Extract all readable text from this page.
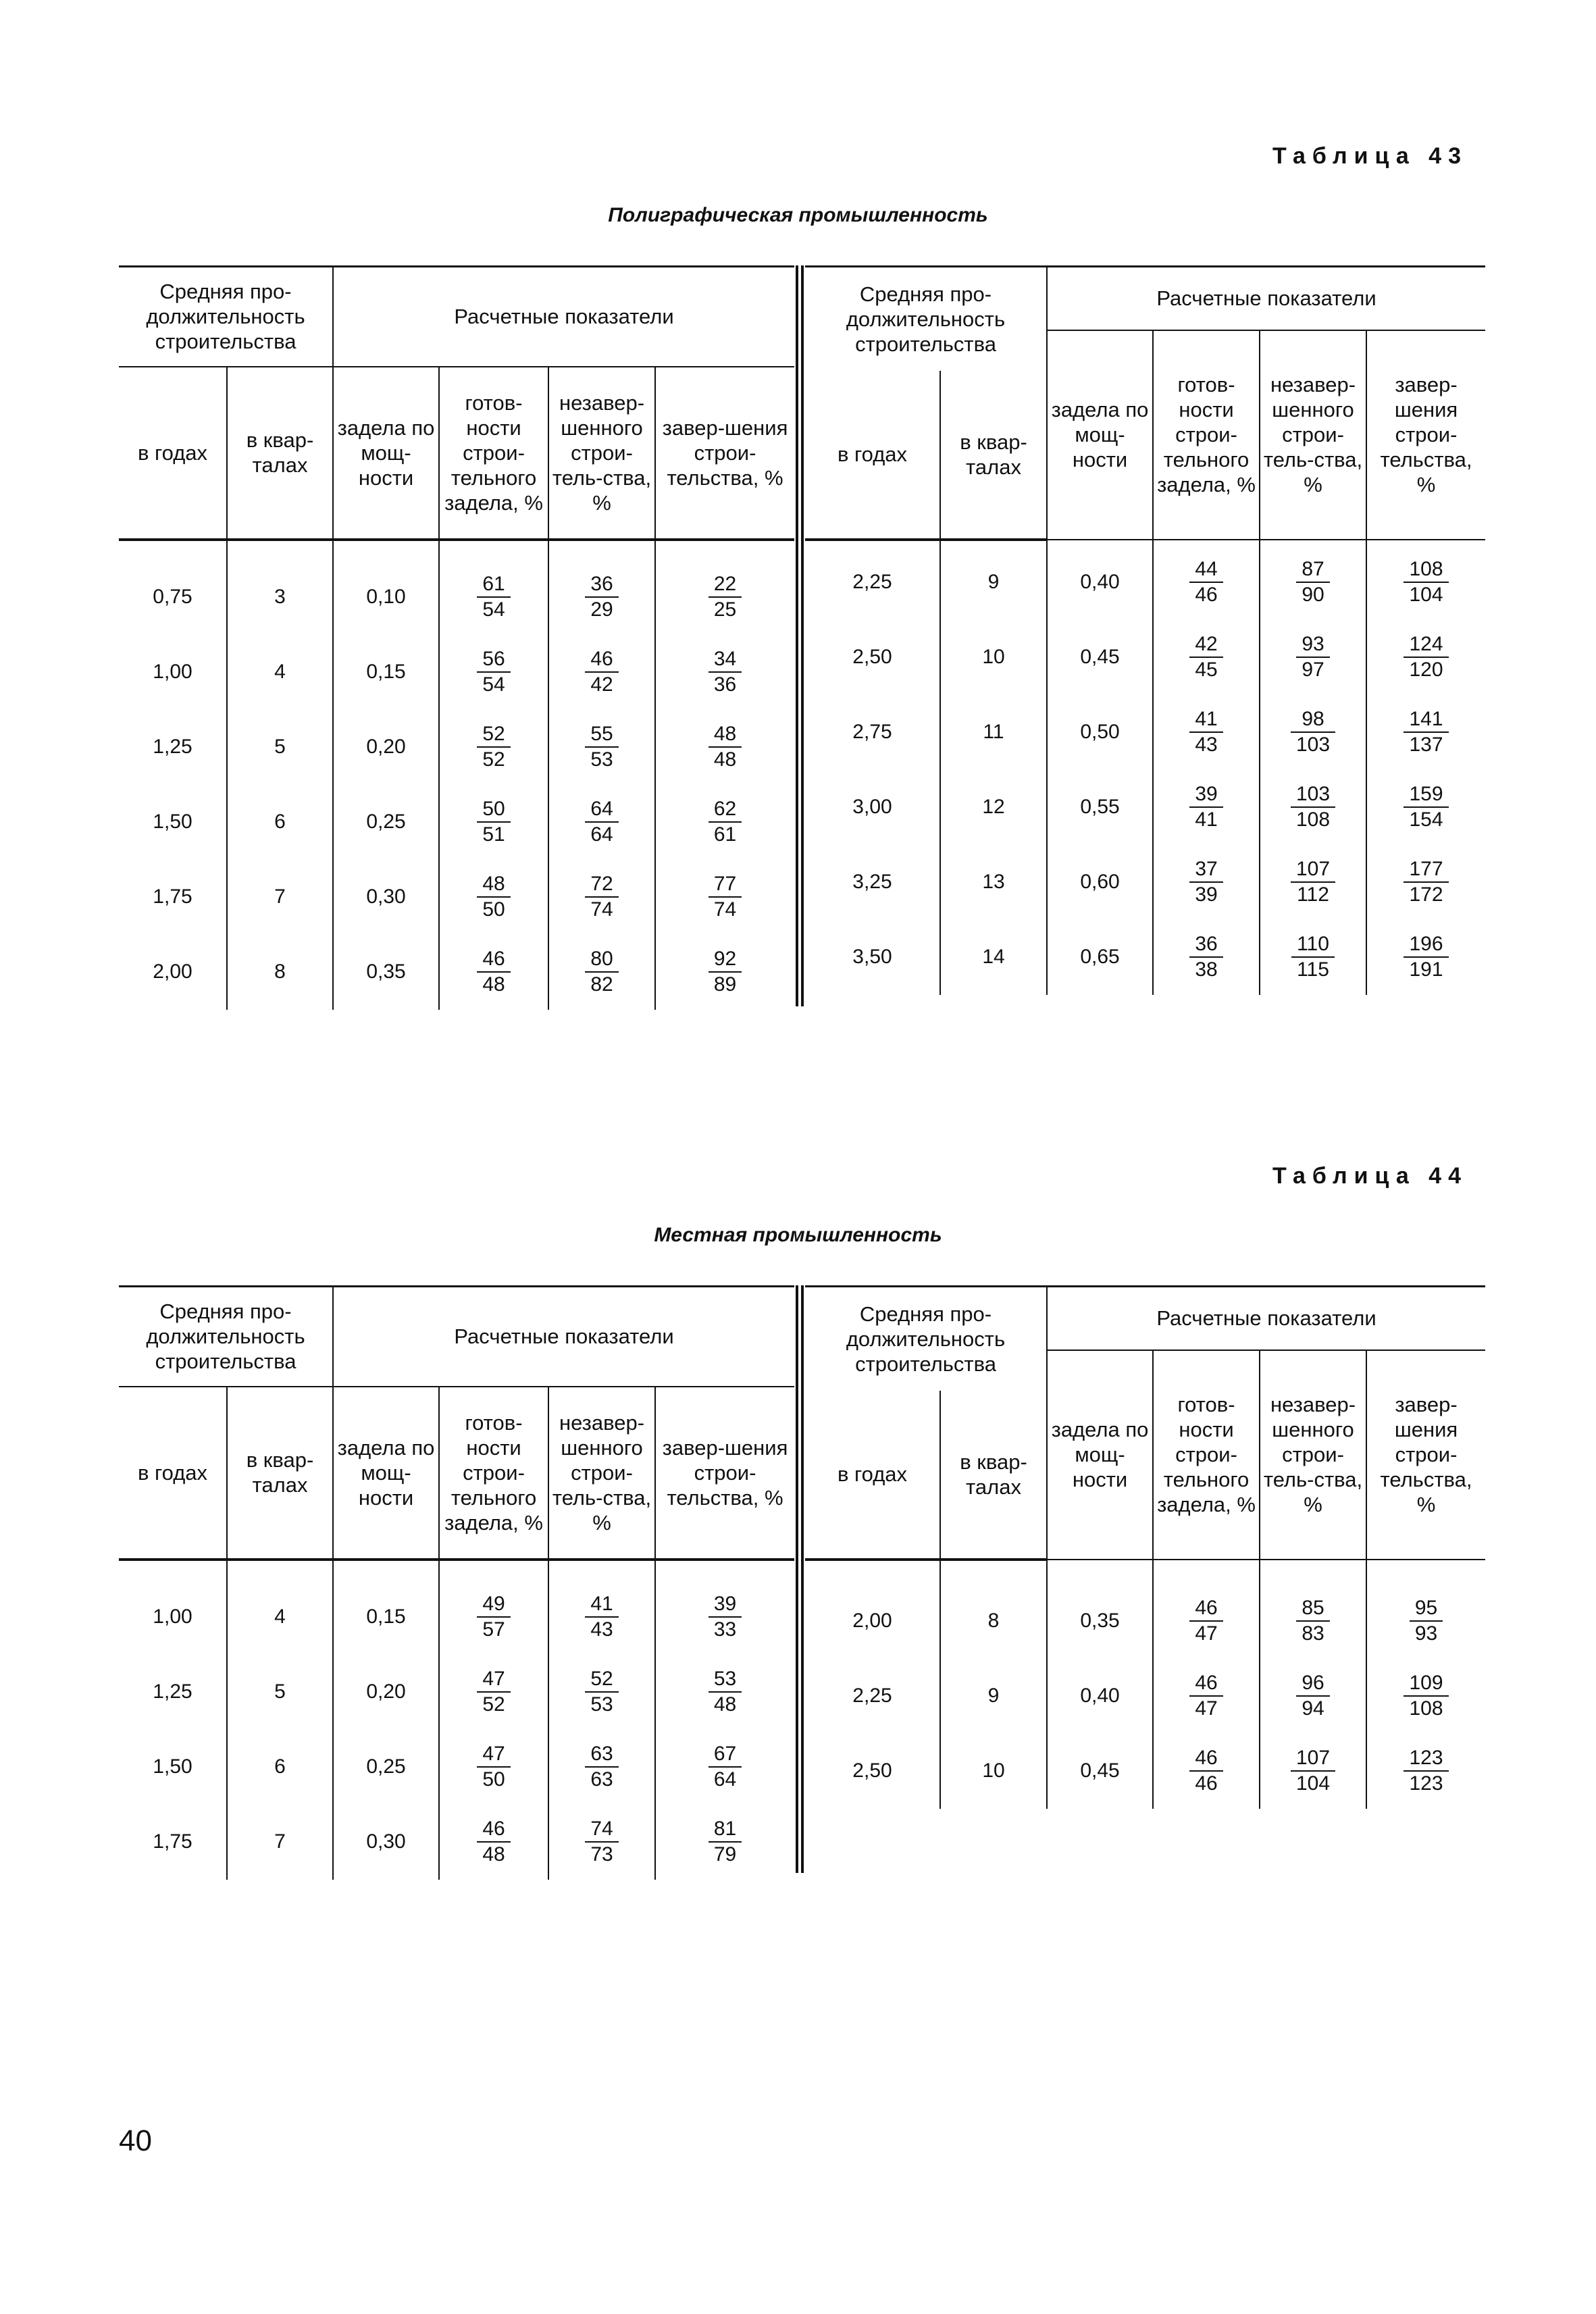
Таблица 43
Полиграфическая промышленность
Средняя про-должительность строительства		Расчетные показатели			
в годах	в квар-талах	задела по мощ-ности	готов-ности строи-тельного задела, %	незавер-шенного строи-тель-ства, %	завер-шения строи-тельства, %

0,75	3	0,10	$\frac{61}{54}$	$\frac{36}{29}$	$\frac{22}{25}$

1,00	4	0,15	$\frac{56}{54}$	$\frac{46}{42}$	$\frac{34}{36}$

1,25	5	0,20	$\frac{52}{52}$	$\frac{55}{53}$	$\frac{48}{48}$

1,50	6	0,25	$\frac{50}{51}$	$\frac{64}{64}$	$\frac{62}{61}$

1,75	7	0,30	$\frac{48}{50}$	$\frac{72}{74}$	$\frac{77}{74}$

2,00	8	0,35	$\frac{46}{48}$	$\frac{80}{82}$	$\frac{92}{89}$
Средняя про-должительность строительства		Расчетные показатели			
		задела по мощ-ности	готов-ности строи-тельного задела, %	незавер-шенного строи-тель-ства, %	завер-шения строи-тельства, %
в годах	в квар-талах				

2,25	9	0,40	$\frac{44}{46}$	$\frac{87}{90}$	$\frac{108}{104}$

2,50	10	0,45	$\frac{42}{45}$	$\frac{93}{97}$	$\frac{124}{120}$

2,75	11	0,50	$\frac{41}{43}$	$\frac{98}{103}$	$\frac{141}{137}$

3,00	12	0,55	$\frac{39}{41}$	$\frac{103}{108}$	$\frac{159}{154}$

3,25	13	0,60	$\frac{37}{39}$	$\frac{107}{112}$	$\frac{177}{172}$

3,50	14	0,65	$\frac{36}{38}$	$\frac{110}{115}$	$\frac{196}{191}$
Таблица 44
Местная промышленность
Средняя про-должительность строительства		Расчетные показатели			
в годах	в квар-талах	задела по мощ-ности	готов-ности строи-тельного задела, %	незавер-шенного строи-тель-ства, %	завер-шения строи-тельства, %

1,00	4	0,15	$\frac{49}{57}$	$\frac{41}{43}$	$\frac{39}{33}$

1,25	5	0,20	$\frac{47}{52}$	$\frac{52}{53}$	$\frac{53}{48}$

1,50	6	0,25	$\frac{47}{50}$	$\frac{63}{63}$	$\frac{67}{64}$

1,75	7	0,30	$\frac{46}{48}$	$\frac{74}{73}$	$\frac{81}{79}$
Средняя про-должительность строительства		Расчетные показатели			
		задела по мощ-ности	готов-ности строи-тельного задела, %	незавер-шенного строи-тель-ства, %	завер-шения строи-тельства, %
в годах	в квар-талах				

2,00	8	0,35	$\frac{46}{47}$	$\frac{85}{83}$	$\frac{95}{93}$

2,25	9	0,40	$\frac{46}{47}$	$\frac{96}{94}$	$\frac{109}{108}$

2,50	10	0,45	$\frac{46}{46}$	$\frac{107}{104}$	$\frac{123}{123}$
40
